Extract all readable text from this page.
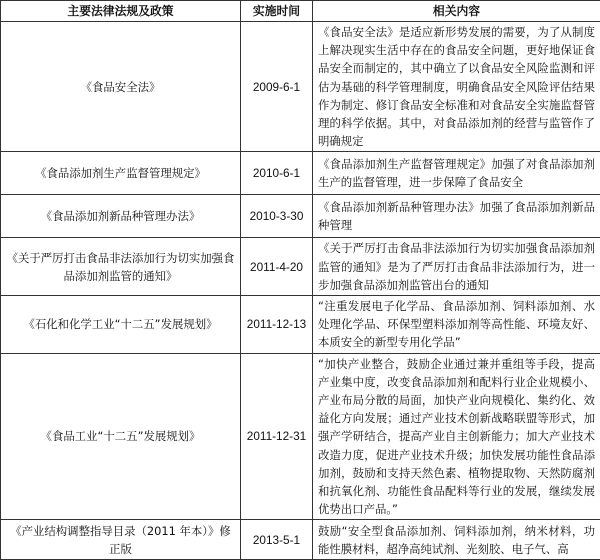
主要法律法规及政策	实施时间	相关内容
《食品安全法》	2009-6-1	《食品安全法》是适应新形势发展的需要，为了从制度上解决现实生活中存在的食品安全问题，更好地保证食品安全而制定的，其中确立了以食品安全风险监测和评估为基础的科学管理制度，明确食品安全风险评估结果作为制定、修订食品安全标准和对食品安全实施监督管理的科学依据。其中，对食品添加剂的经营与监管作了明确规定
《食品添加剂生产监督管理规定》	2010-6-1	《食品添加剂生产监督管理规定》加强了对食品添加剂生产的监督管理，进一步保障了食品安全
《食品添加剂新品种管理办法》	2010-3-30	《食品添加剂新品种管理办法》加强了食品添加剂新品种管理
《关于严厉打击食品非法添加行为切实加强食品添加剂监管的通知》	2011-4-20	《关于严厉打击食品非法添加行为切实加强食品添加剂监管的通知》是为了严厉打击食品非法添加行为，进一步加强食品添加剂监管出台的通知
《石化和化学工业“十二五”发展规划》	2011-12-13	“注重发展电子化学品、食品添加剂、饲料添加剂、水处理化学品、环保型塑料添加剂等高性能、环境友好、本质安全的新型专用化学品”
《食品工业“十二五”发展规划》	2011-12-31	“加快产业整合，鼓励企业通过兼并重组等手段，提高产业集中度，改变食品添加剂和配料行业企业规模小、产业布局分散的局面，加快产业向规模化、集约化、效益化方向发展；通过产业技术创新战略联盟等形式，加强产学研结合，提高产业自主创新能力；加大产业技术改造力度，促进产业技术升级；加快发展功能性食品添加剂，鼓励和支持天然色素、植物提取物、天然防腐剂和抗氧化剂、功能性食品配料等行业的发展，继续发展优势出口产品。”
《产业结构调整指导目录（2011 年本）》修正版	2013-5-1	鼓励“安全型食品添加剂、饲料添加剂，纳米材料，功能性膜材料，超净高纯试剂、光刻胶、电子气、高
